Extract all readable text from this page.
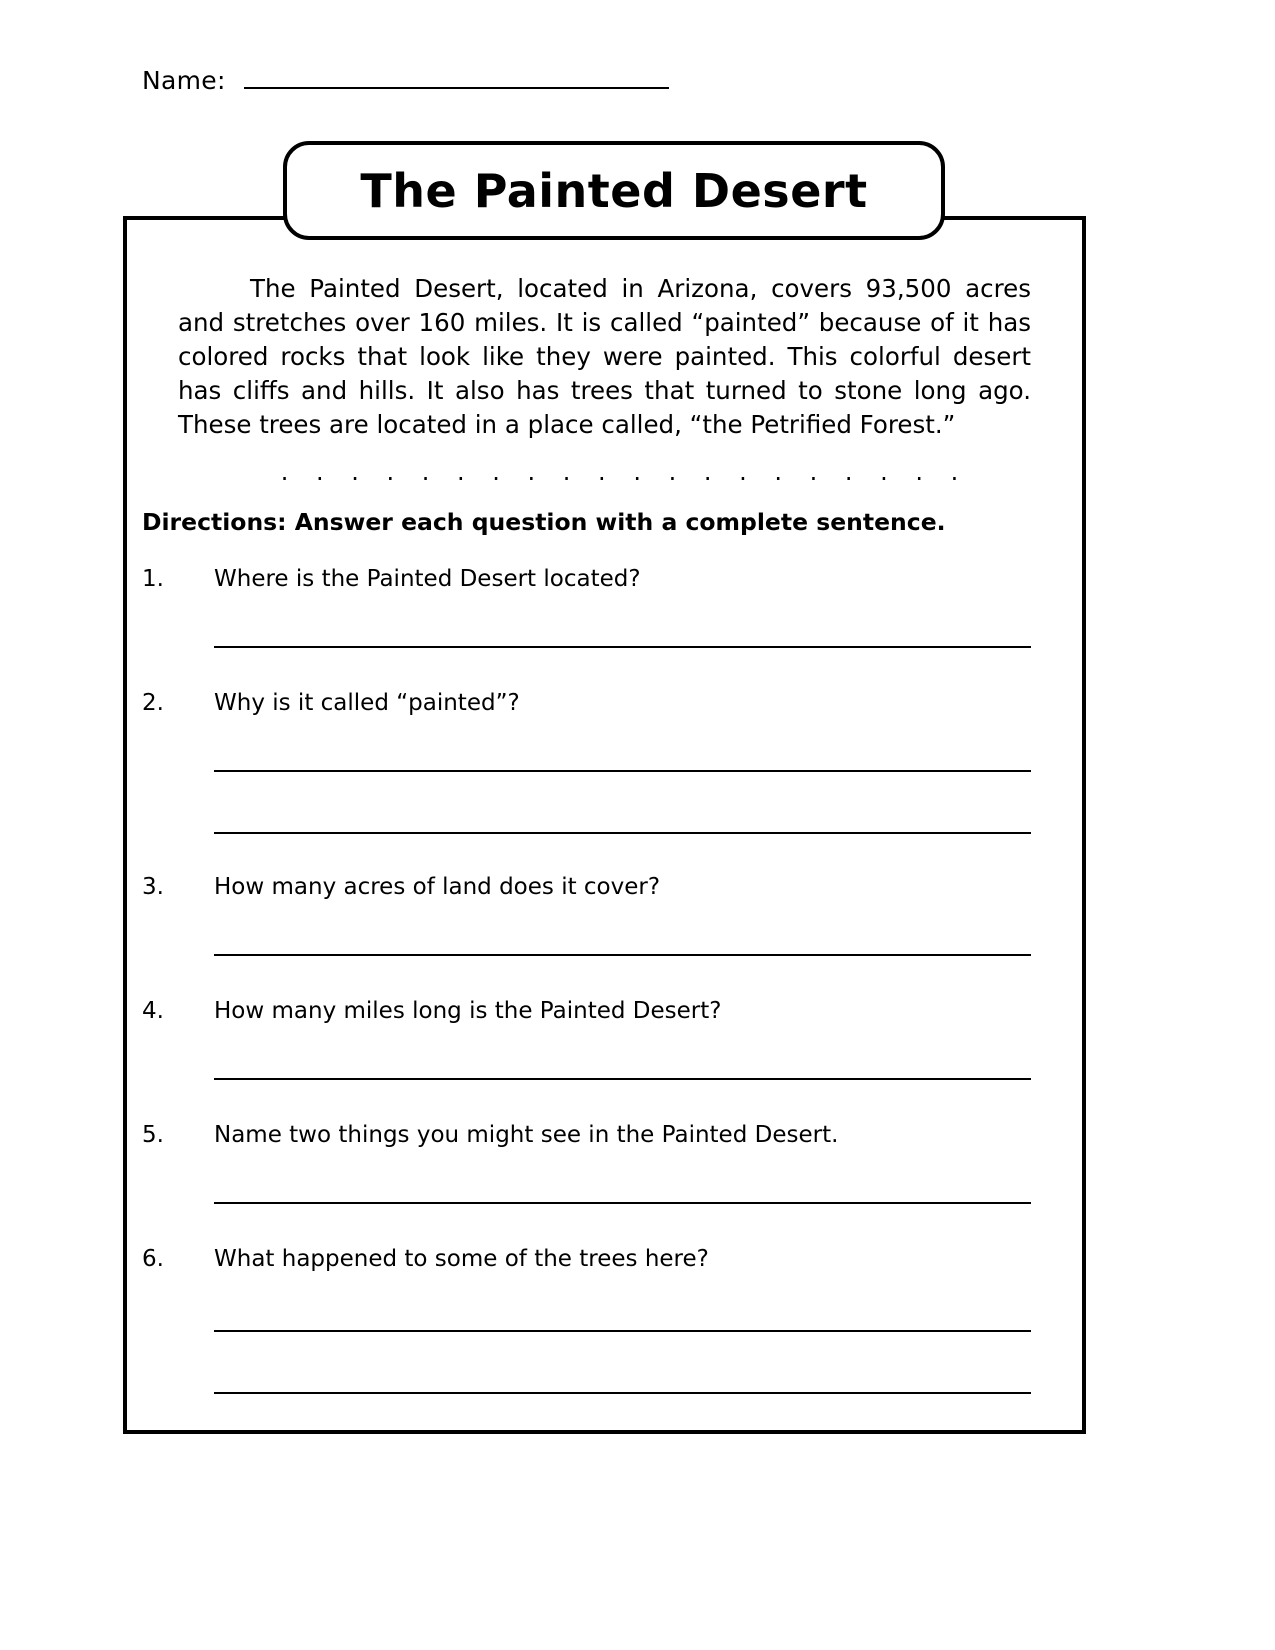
Name:
The Painted Desert

The Painted Desert, located in Arizona, covers 93,500 acres and stretches over 160 miles. It is called “painted” because of it has colored rocks that look like they were painted. This colorful desert has cliffs and hills. It also has trees that turned to stone long ago. These trees are located in a place called, “the Petrified Forest.”

. . . . . . . . . . . . . . . . . . . .

Directions: Answer each question with a complete sentence.

1.	Where is the Painted Desert located?
2.	Why is it called “painted”?
3.	How many acres of land does it cover?
4.	How many miles long is the Painted Desert?
5.	Name two things you might see in the Painted Desert.
6.	What happened to some of the trees here?
